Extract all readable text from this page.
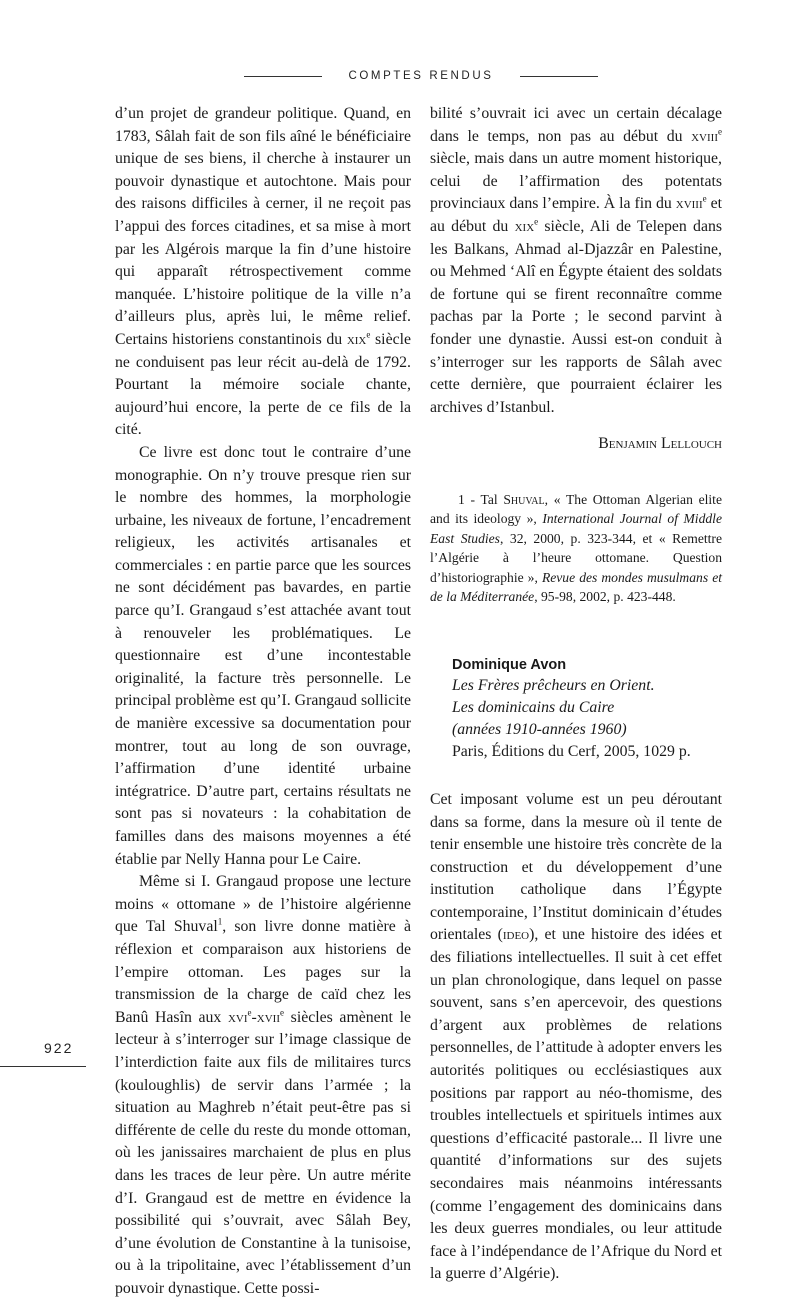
COMPTES RENDUS

d’un projet de grandeur politique. Quand, en 1783, Sâlah fait de son fils aîné le bénéficiaire unique de ses biens, il cherche à instaurer un pouvoir dynastique et autochtone. Mais pour des raisons difficiles à cerner, il ne reçoit pas l’appui des forces citadines, et sa mise à mort par les Algérois marque la fin d’une histoire qui apparaît rétrospectivement comme manquée. L’histoire politique de la ville n’a d’ailleurs plus, après lui, le même relief. Certains historiens constantinois du xix$^e$ siècle ne conduisent pas leur récit au-delà de 1792. Pourtant la mémoire sociale chante, aujourd’hui encore, la perte de ce fils de la cité.

Ce livre est donc tout le contraire d’une monographie. On n’y trouve presque rien sur le nombre des hommes, la morphologie urbaine, les niveaux de fortune, l’encadrement religieux, les activités artisanales et commerciales : en partie parce que les sources ne sont décidément pas bavardes, en partie parce qu’I. Grangaud s’est attachée avant tout à renouveler les problématiques. Le questionnaire est d’une incontestable originalité, la facture très personnelle. Le principal problème est qu’I. Grangaud sollicite de manière excessive sa documentation pour montrer, tout au long de son ouvrage, l’affirmation d’une identité urbaine intégratrice. D’autre part, certains résultats ne sont pas si novateurs : la cohabitation de familles dans des maisons moyennes a été établie par Nelly Hanna pour Le Caire.

Même si I. Grangaud propose une lecture moins « ottomane » de l’histoire algérienne que Tal Shuval$^1$, son livre donne matière à réflexion et comparaison aux historiens de l’empire ottoman. Les pages sur la transmission de la charge de caïd chez les Banû Hasîn aux xvi$^e$-xvii$^e$ siècles amènent le lecteur à s’interroger sur l’image classique de l’interdiction faite aux fils de militaires turcs (kouloughlis) de servir dans l’armée ; la situation au Maghreb n’était peut-être pas si différente de celle du reste du monde ottoman, où les janissaires marchaient de plus en plus dans les traces de leur père. Un autre mérite d’I. Grangaud est de mettre en évidence la possibilité qui s’ouvrait, avec Sâlah Bey, d’une évolution de Constantine à la tunisoise, ou à la tripolitaine, avec l’établissement d’un pouvoir dynastique. Cette possi-

bilité s’ouvrait ici avec un certain décalage dans le temps, non pas au début du xviii$^e$ siècle, mais dans un autre moment historique, celui de l’affirmation des potentats provinciaux dans l’empire. À la fin du xviii$^e$ et au début du xix$^e$ siècle, Ali de Telepen dans les Balkans, Ahmad al-Djazzâr en Palestine, ou Mehmed ‘Alî en Égypte étaient des soldats de fortune qui se firent reconnaître comme pachas par la Porte ; le second parvint à fonder une dynastie. Aussi est-on conduit à s’interroger sur les rapports de Sâlah avec cette dernière, que pourraient éclairer les archives d’Istanbul.

Benjamin Lellouch

1 - Tal Shuval, « The Ottoman Algerian elite and its ideology », International Journal of Middle East Studies, 32, 2000, p. 323-344, et « Remettre l’Algérie à l’heure ottomane. Question d’historiographie », Revue des mondes musulmans et de la Méditerranée, 95-98, 2002, p. 423-448.

Dominique Avon
Les Frères prêcheurs en Orient.
Les dominicains du Caire
(années 1910-années 1960)
Paris, Éditions du Cerf, 2005, 1029 p.

Cet imposant volume est un peu déroutant dans sa forme, dans la mesure où il tente de tenir ensemble une histoire très concrète de la construction et du développement d’une institution catholique dans l’Égypte contemporaine, l’Institut dominicain d’études orientales (ideo), et une histoire des idées et des filiations intellectuelles. Il suit à cet effet un plan chronologique, dans lequel on passe souvent, sans s’en apercevoir, des questions d’argent aux problèmes de relations personnelles, de l’attitude à adopter envers les autorités politiques ou ecclésiastiques aux positions par rapport au néo-thomisme, des troubles intellectuels et spirituels intimes aux questions d’efficacité pastorale... Il livre une quantité d’informations sur des sujets secondaires mais néanmoins intéressants (comme l’engagement des dominicains dans les deux guerres mondiales, ou leur attitude face à l’indépendance de l’Afrique du Nord et la guerre d’Algérie).

922
